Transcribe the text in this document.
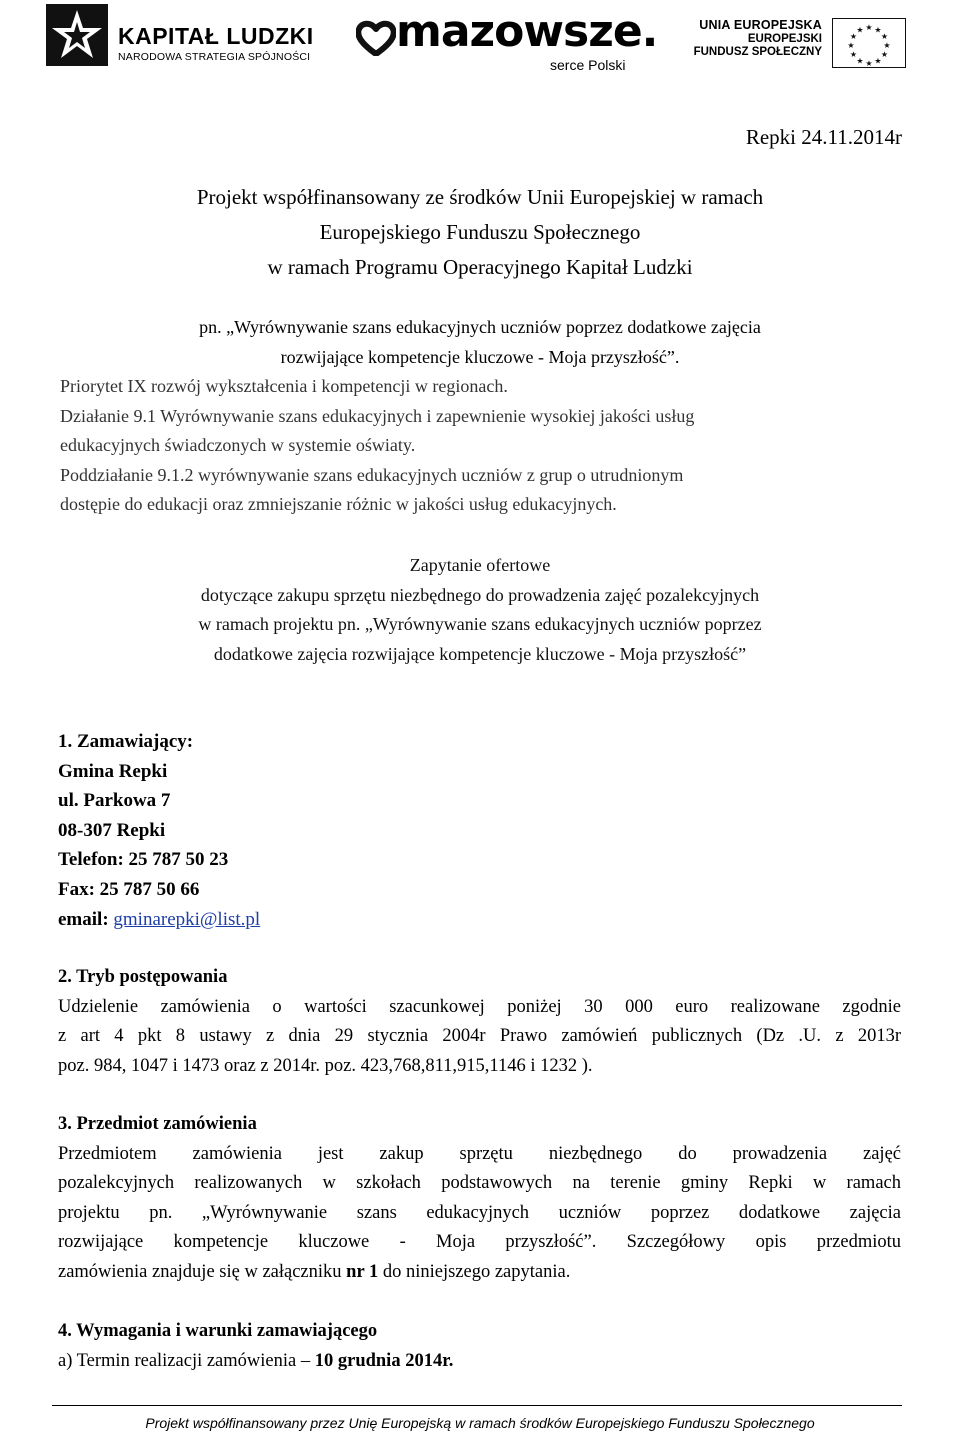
KAPITAŁ LUDZKI
NARODOWA STRATEGIA SPÓJNOŚCI mazowsze.
serce Polski
UNIA EUROPEJSKA
EUROPEJSKI
FUNDUSZ SPOŁECZNY
★ ★
★
★
★
★
★
★
★
★
★
★
Repki 24.11.2014r
Projekt współfinansowany ze środków Unii Europejskiej w ramach
Europejskiego Funduszu Społecznego
w ramach Programu Operacyjnego Kapitał Ludzki
pn. „Wyrównywanie szans edukacyjnych uczniów poprzez dodatkowe zajęcia
rozwijające kompetencje kluczowe - Moja przyszłość”.
Priorytet IX rozwój wykształcenia i kompetencji w regionach.
Działanie 9.1 Wyrównywanie szans edukacyjnych i zapewnienie wysokiej jakości usług
edukacyjnych świadczonych w systemie oświaty.
Poddziałanie 9.1.2 wyrównywanie szans edukacyjnych uczniów z grup o utrudnionym
dostępie do edukacji oraz zmniejszanie różnic w jakości usług edukacyjnych.
Zapytanie ofertowe
dotyczące zakupu sprzętu niezbędnego do prowadzenia zajęć pozalekcyjnych
w ramach projektu pn. „Wyrównywanie szans edukacyjnych uczniów poprzez
dodatkowe zajęcia rozwijające kompetencje kluczowe - Moja przyszłość”
1. Zamawiający:
Gmina Repki
ul. Parkowa 7
08-307 Repki
Telefon: 25 787 50 23
Fax: 25 787 50 66
email: gminarepki@list.pl
2. Tryb postępowania
Udzielenie zamówienia o wartości szacunkowej poniżej 30 000 euro realizowane zgodnie
z art 4 pkt 8 ustawy z dnia 29 stycznia 2004r Prawo zamówień publicznych (Dz .U. z 2013r
poz. 984, 1047 i 1473 oraz z 2014r. poz. 423,768,811,915,1146 i 1232 ).
3. Przedmiot zamówienia
Przedmiotem zamówienia jest zakup sprzętu niezbędnego do prowadzenia zajęć
pozalekcyjnych realizowanych w szkołach podstawowych na terenie gminy Repki w ramach
projektu pn. „Wyrównywanie szans edukacyjnych uczniów poprzez dodatkowe zajęcia
rozwijające kompetencje kluczowe - Moja przyszłość”. Szczegółowy opis przedmiotu
zamówienia znajduje się w załączniku nr 1 do niniejszego zapytania.
4. Wymagania i warunki zamawiającego
a) Termin realizacji zamówienia – 10 grudnia 2014r.
Projekt współfinansowany przez Unię Europejską w ramach środków Europejskiego Funduszu Społecznego
